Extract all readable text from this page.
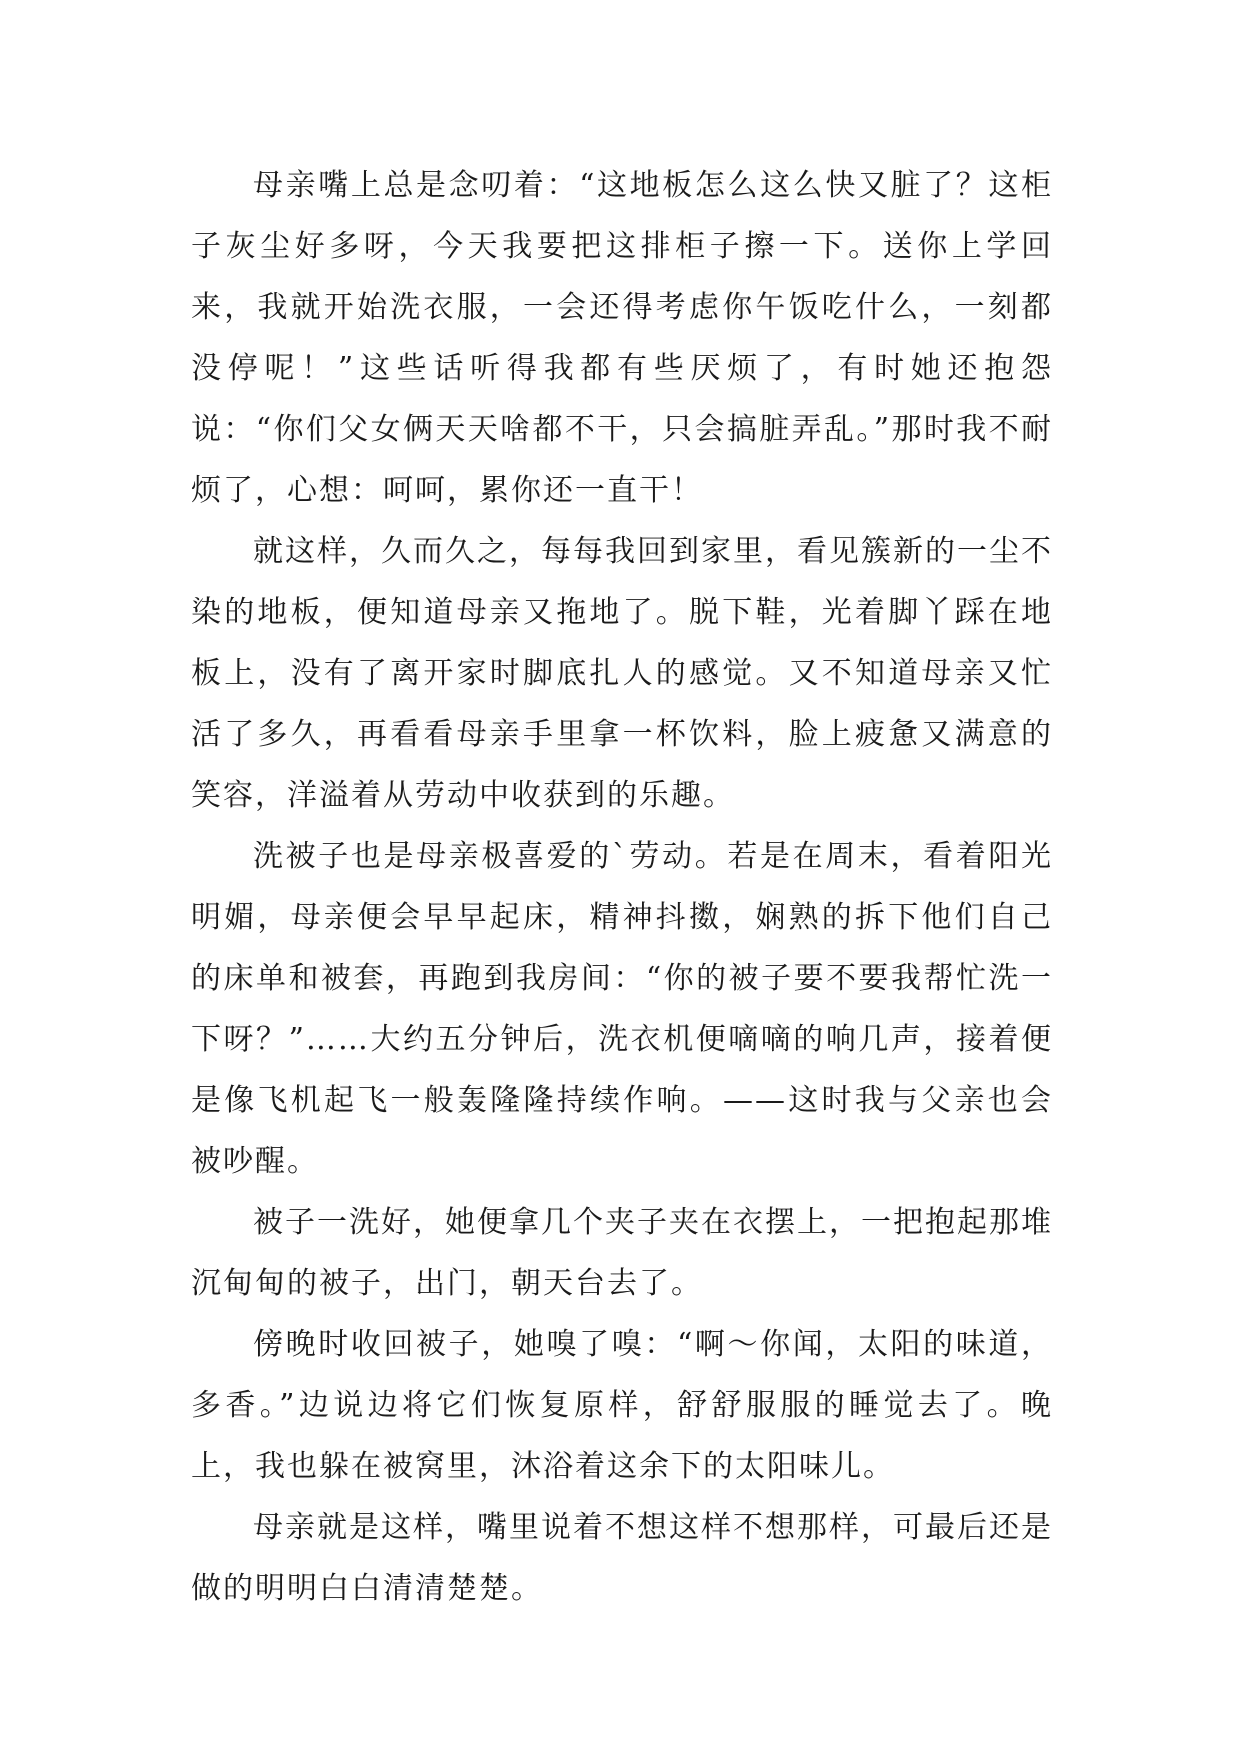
母亲嘴上总是念叨着：“这地板怎么这么快又脏了？这柜子灰尘好多呀，今天我要把这排柜子擦一下。送你上学回来，我就开始洗衣服，一会还得考虑你午饭吃什么，一刻都没停呢！”这些话听得我都有些厌烦了，有时她还抱怨说：“你们父女俩天天啥都不干，只会搞脏弄乱。”那时我不耐烦了，心想：呵呵，累你还一直干！

就这样，久而久之，每每我回到家里，看见簇新的一尘不染的地板，便知道母亲又拖地了。脱下鞋，光着脚丫踩在地板上，没有了离开家时脚底扎人的感觉。又不知道母亲又忙活了多久，再看看母亲手里拿一杯饮料，脸上疲惫又满意的笑容，洋溢着从劳动中收获到的乐趣。

洗被子也是母亲极喜爱的`劳动。若是在周末，看着阳光明媚，母亲便会早早起床，精神抖擞，娴熟的拆下他们自己的床单和被套，再跑到我房间：“你的被子要不要我帮忙洗一下呀？”……大约五分钟后，洗衣机便嘀嘀的响几声，接着便是像飞机起飞一般轰隆隆持续作响。——这时我与父亲也会被吵醒。

被子一洗好，她便拿几个夹子夹在衣摆上，一把抱起那堆沉甸甸的被子，出门，朝天台去了。

傍晚时收回被子，她嗅了嗅：“啊～你闻，太阳的味道，多香。”边说边将它们恢复原样，舒舒服服的睡觉去了。晚上，我也躲在被窝里，沐浴着这余下的太阳味儿。

母亲就是这样，嘴里说着不想这样不想那样，可最后还是做的明明白白清清楚楚。
